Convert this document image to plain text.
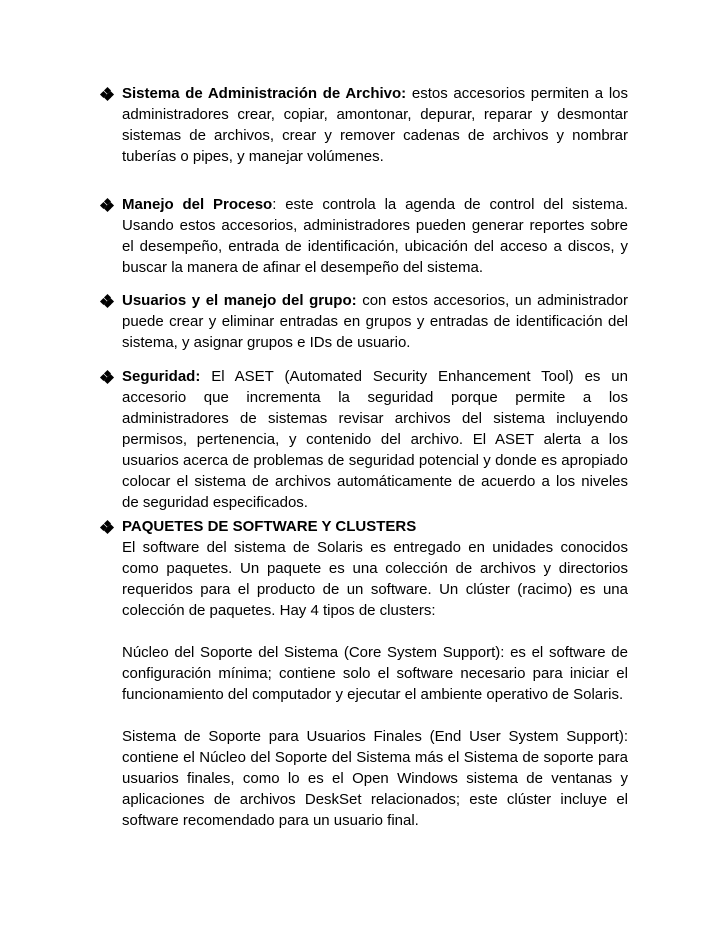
Sistema de Administración de Archivo: estos accesorios permiten a los administradores crear, copiar, amontonar, depurar, reparar y desmontar sistemas de archivos, crear y remover cadenas de archivos y nombrar tuberías o pipes, y manejar volúmenes.

Manejo del Proceso: este controla la agenda de control del sistema. Usando estos accesorios, administradores pueden generar reportes sobre el desempeño, entrada de identificación, ubicación del acceso a discos, y buscar la manera de afinar el desempeño del sistema.

Usuarios y el manejo del grupo: con estos accesorios, un administrador puede crear y eliminar entradas en grupos y entradas de identificación del sistema, y asignar grupos e IDs de usuario.

Seguridad: El ASET (Automated Security Enhancement Tool) es un accesorio que incrementa la seguridad porque permite a los administradores de sistemas revisar archivos del sistema incluyendo permisos, pertenencia, y contenido del archivo. El ASET alerta a los usuarios acerca de problemas de seguridad potencial y donde es apropiado colocar el sistema de archivos automáticamente de acuerdo a los niveles de seguridad especificados.

PAQUETES DE SOFTWARE Y CLUSTERS

El software del sistema de Solaris es entregado en unidades conocidos como paquetes. Un paquete es una colección de archivos y directorios requeridos para el producto de un software. Un clúster (racimo) es una colección de paquetes. Hay 4 tipos de clusters:

Núcleo del Soporte del Sistema (Core System Support): es el software de configuración mínima; contiene solo el software necesario para iniciar el funcionamiento del computador y ejecutar el ambiente operativo de Solaris.

Sistema de Soporte para Usuarios Finales (End User System Support): contiene el Núcleo del Soporte del Sistema más el Sistema de soporte para usuarios finales, como lo es el Open Windows sistema de ventanas y aplicaciones de archivos DeskSet relacionados; este clúster incluye el software recomendado para un usuario final.
